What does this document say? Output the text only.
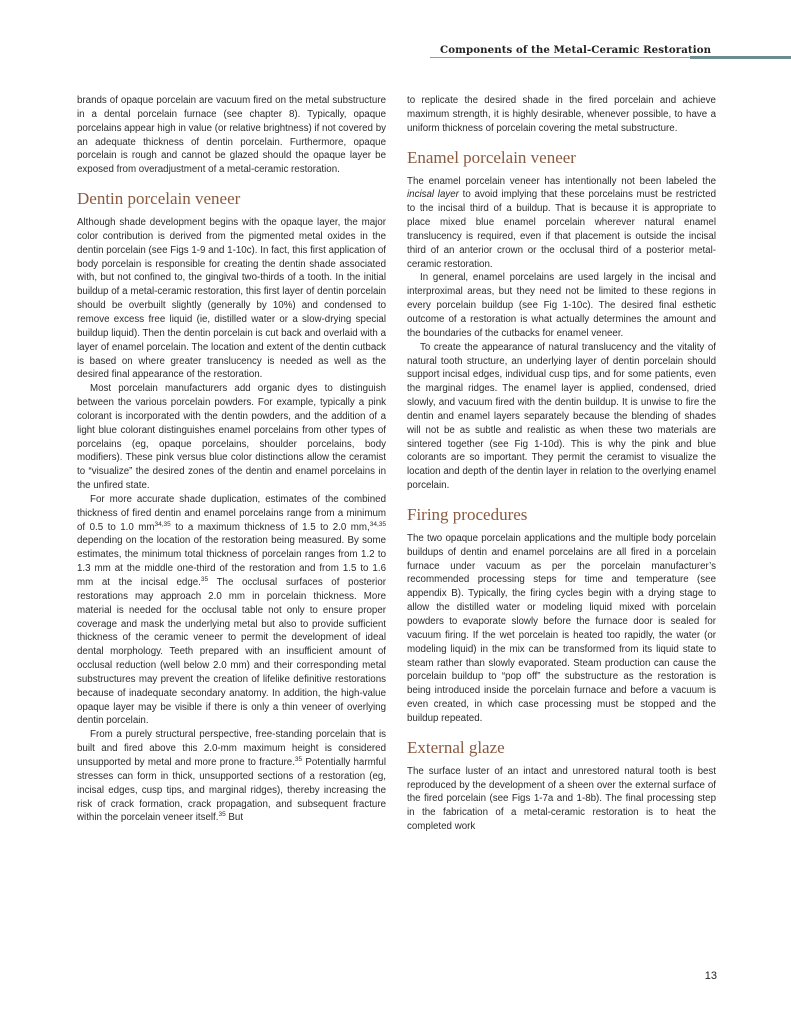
Components of the Metal-Ceramic Restoration

brands of opaque porcelain are vacuum fired on the metal substructure in a dental porcelain furnace (see chapter 8). Typically, opaque porcelains appear high in value (or relative brightness) if not covered by an adequate thickness of dentin porcelain. Furthermore, opaque porcelain is rough and cannot be glazed should the opaque layer be exposed from overadjustment of a metal-ceramic restoration.

Dentin porcelain veneer

Although shade development begins with the opaque layer, the major color contribution is derived from the pigmented metal oxides in the dentin porcelain (see Figs 1-9 and 1-10c). In fact, this first application of body porcelain is responsible for creating the dentin shade associated with, but not confined to, the gingival two-thirds of a tooth. In the initial buildup of a metal-ceramic restoration, this first layer of dentin porcelain should be overbuilt slightly (generally by 10%) and condensed to remove excess free liquid (ie, distilled water or a slow-drying special buildup liquid). Then the dentin porcelain is cut back and overlaid with a layer of enamel porcelain. The location and extent of the dentin cutback is based on where greater translucency is needed as well as the desired final appearance of the restoration.

Most porcelain manufacturers add organic dyes to distinguish between the various porcelain powders. For example, typically a pink colorant is incorporated with the dentin powders, and the addition of a light blue colorant distinguishes enamel porcelains from other types of porcelains (eg, opaque porcelains, shoulder porcelains, body modifiers). These pink versus blue color distinctions allow the ceramist to “visualize” the desired zones of the dentin and enamel porcelains in the unfired state.

For more accurate shade duplication, estimates of the combined thickness of fired dentin and enamel porcelains range from a minimum of 0.5 to 1.0 mm$^{34,35}$ to a maximum thickness of 1.5 to 2.0 mm,$^{34,35}$ depending on the location of the restoration being measured. By some estimates, the minimum total thickness of porcelain ranges from 1.2 to 1.3 mm at the middle one-third of the restoration and from 1.5 to 1.6 mm at the incisal edge.$^{35}$ The occlusal surfaces of posterior restorations may approach 2.0 mm in porcelain thickness. More material is needed for the occlusal table not only to ensure proper coverage and mask the underlying metal but also to provide sufficient thickness of the ceramic veneer to permit the development of ideal dental morphology. Teeth prepared with an insufficient amount of occlusal reduction (well below 2.0 mm) and their corresponding metal substructures may prevent the creation of lifelike definitive restorations because of inadequate secondary anatomy. In addition, the high-value opaque layer may be visible if there is only a thin veneer of overlying dentin porcelain.

From a purely structural perspective, free-standing porcelain that is built and fired above this 2.0-mm maximum height is considered unsupported by metal and more prone to fracture.$^{35}$ Potentially harmful stresses can form in thick, unsupported sections of a restoration (eg, incisal edges, cusp tips, and marginal ridges), thereby increasing the risk of crack formation, crack propagation, and subsequent fracture within the porcelain veneer itself.$^{35}$ But

to replicate the desired shade in the fired porcelain and achieve maximum strength, it is highly desirable, whenever possible, to have a uniform thickness of porcelain covering the metal substructure.

Enamel porcelain veneer

The enamel porcelain veneer has intentionally not been labeled the incisal layer to avoid implying that these porcelains must be restricted to the incisal third of a buildup. That is because it is appropriate to place mixed blue enamel porcelain wherever natural enamel translucency is required, even if that placement is outside the incisal third of an anterior crown or the occlusal third of a posterior metal-ceramic restoration.

In general, enamel porcelains are used largely in the incisal and interproximal areas, but they need not be limited to these regions in every porcelain buildup (see Fig 1-10c). The desired final esthetic outcome of a restoration is what actually determines the amount and the boundaries of the cutbacks for enamel veneer.

To create the appearance of natural translucency and the vitality of natural tooth structure, an underlying layer of dentin porcelain should support incisal edges, individual cusp tips, and for some patients, even the marginal ridges. The enamel layer is applied, condensed, dried slowly, and vacuum fired with the dentin buildup. It is unwise to fire the dentin and enamel layers separately because the blending of shades will not be as subtle and realistic as when these two materials are sintered together (see Fig 1-10d). This is why the pink and blue colorants are so important. They permit the ceramist to visualize the location and depth of the dentin layer in relation to the overlying enamel porcelain.

Firing procedures

The two opaque porcelain applications and the multiple body porcelain buildups of dentin and enamel porcelains are all fired in a porcelain furnace under vacuum as per the porcelain manufacturer’s recommended processing steps for time and temperature (see appendix B). Typically, the firing cycles begin with a drying stage to allow the distilled water or modeling liquid mixed with porcelain powders to evaporate slowly before the furnace door is sealed for vacuum firing. If the wet porcelain is heated too rapidly, the water (or modeling liquid) in the mix can be transformed from its liquid state to steam rather than slowly evaporated. Steam production can cause the porcelain buildup to “pop off” the substructure as the restoration is being introduced inside the porcelain furnace and before a vacuum is even created, in which case processing must be stopped and the buildup repeated.

External glaze

The surface luster of an intact and unrestored natural tooth is best reproduced by the development of a sheen over the external surface of the fired porcelain (see Figs 1-7a and 1-8b). The final processing step in the fabrication of a metal-ceramic restoration is to heat the completed work

13
